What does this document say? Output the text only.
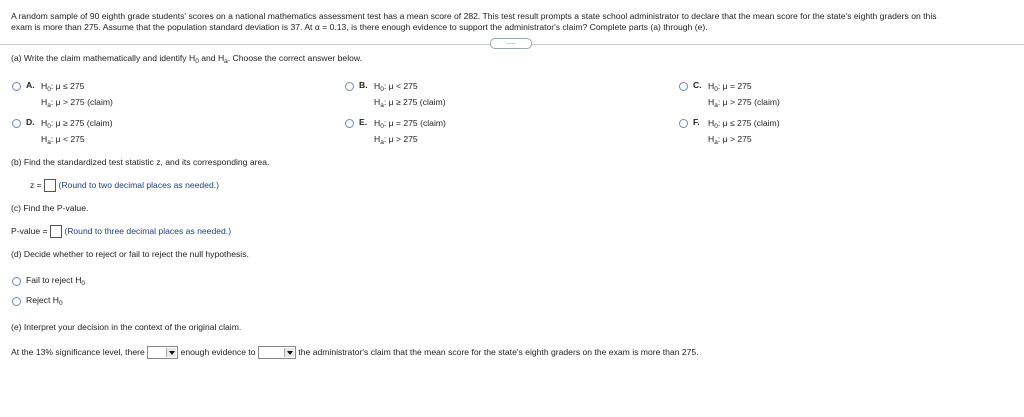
A random sample of 90 eighth grade students' scores on a national mathematics assessment test has a mean score of 282. This test result prompts a state school administrator to declare that the mean score for the state's eighth graders on this
exam is more than 275. Assume that the population standard deviation is 37. At α = 0.13, is there enough evidence to support the administrator's claim? Complete parts (a) through (e).
.....
(a) Write the claim mathematically and identify $H_0$ and $H_a$. Choose the correct answer below.
A. $H_0$: μ ≤ 275
$H_a$: μ > 275 (claim)
B. $H_0$: μ < 275
$H_a$: μ ≥ 275 (claim)
C. $H_0$: μ = 275
$H_a$: μ > 275 (claim)
D. $H_0$: μ ≥ 275 (claim)
$H_a$: μ < 275
E. $H_0$: μ = 275 (claim)
$H_a$: μ > 275
F. $H_0$: μ ≤ 275 (claim)
$H_a$: μ > 275
(b) Find the standardized test statistic z, and its corresponding area.
z = (Round to two decimal places as needed.)
(c) Find the P-value.
P-value = (Round to three decimal places as needed.)
(d) Decide whether to reject or fail to reject the null hypothesis.
Fail to reject $H_0$
Reject $H_0$
(e) Interpret your decision in the context of the original claim.
At the 13% significance level, there	enough evidence to	the administrator's claim that the mean score for the state's eighth graders on the exam is more than 275.
